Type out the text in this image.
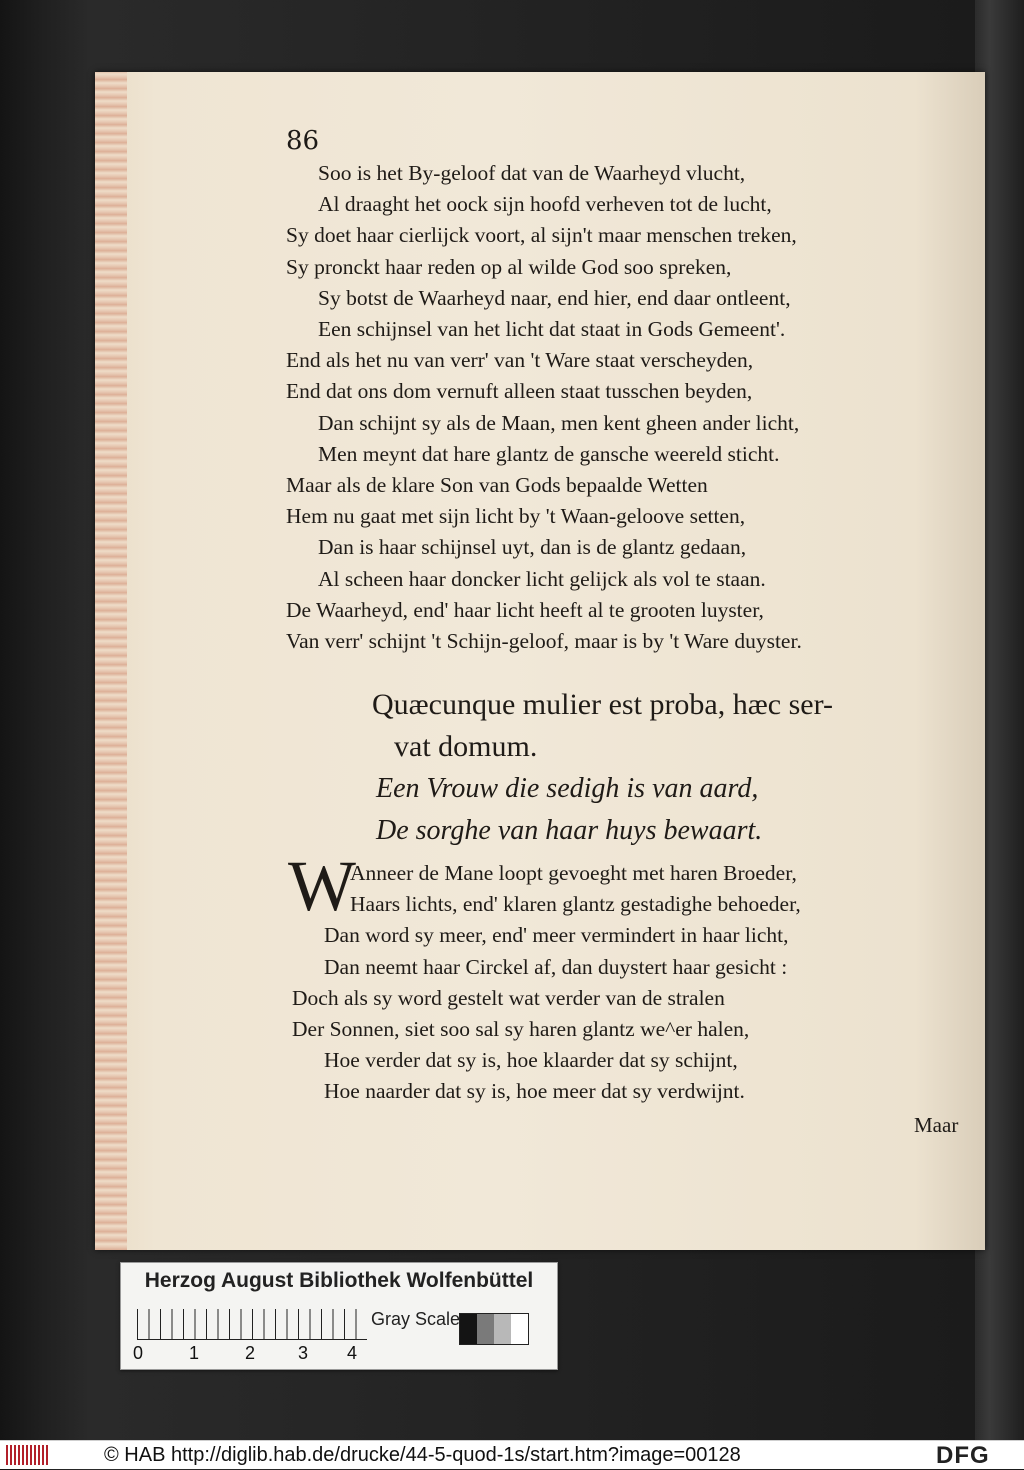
86
Soo is het By-geloof dat van de Waarheyd vlucht,
Al draaght het oock sijn hoofd verheven tot de lucht,
Sy doet haar cierlijck voort, al sijn't maar menschen treken,
Sy pronckt haar reden op al wilde God soo spreken,
Sy botst de Waarheyd naar, end hier, end daar ontleent,
Een schijnsel van het licht dat staat in Gods Gemeent'.
End als het nu van verr' van 't Ware staat verscheyden,
End dat ons dom vernuft alleen staat tusschen beyden,
Dan schijnt sy als de Maan, men kent gheen ander licht,
Men meynt dat hare glantz de gansche weereld sticht.
Maar als de klare Son van Gods bepaalde Wetten
Hem nu gaat met sijn licht by 't Waan-geloove setten,
Dan is haar schijnsel uyt, dan is de glantz gedaan,
Al scheen haar doncker licht gelijck als vol te staan.
De Waarheyd, end' haar licht heeft al te grooten luyster,
Van verr' schijnt 't Schijn-geloof, maar is by 't Ware duyster.
Quæcunque mulier est proba, hæc ser-
vat domum.
Een Vrouw die sedigh is van aard,
De sorghe van haar huys bewaart.
W
Anneer de Mane loopt gevoeght met haren Broeder,
Haars lichts, end' klaren glantz gestadighe behoeder,
Dan word sy meer, end' meer vermindert in haar licht,
Dan neemt haar Circkel af, dan duystert haar gesicht :
Doch als sy word gestelt wat verder van de stralen
Der Sonnen, siet soo sal sy haren glantz we^er halen,
Hoe verder dat sy is, hoe klaarder dat sy schijnt,
Hoe naarder dat sy is, hoe meer dat sy verdwijnt.
Maar
Herzog August Bibliothek Wolfenbüttel
0	1	2 3 4
Gray Scale
© HAB http://diglib.hab.de/drucke/44-5-quod-1s/start.htm?image=00128	DFG
